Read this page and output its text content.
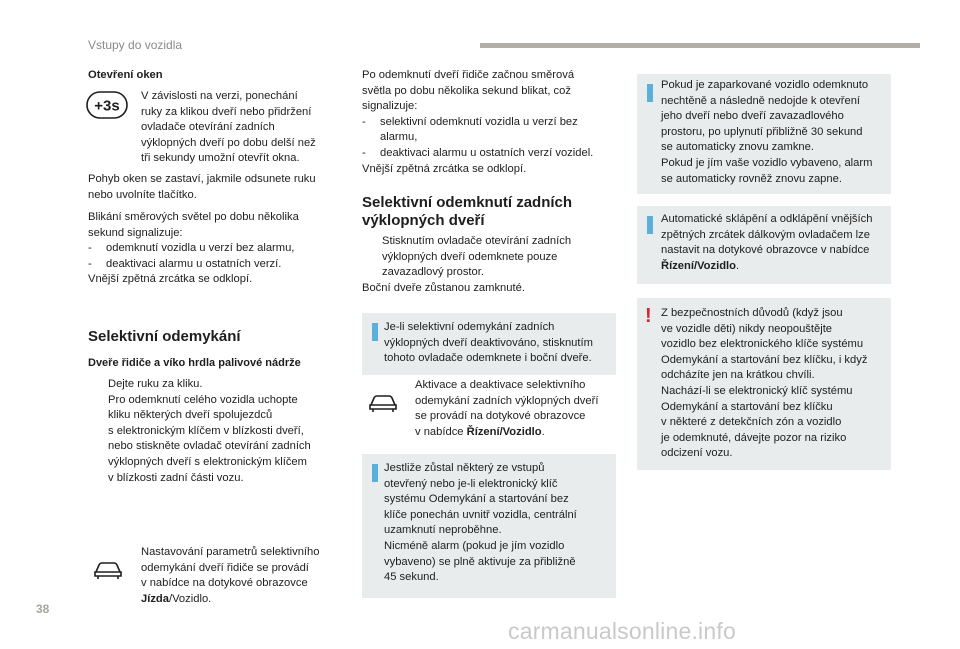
Vstupy do vozidla
Otevření oken
+3s
V závislosti na verzi, ponechání
ruky za klikou dveří nebo přidržení
ovladače otevírání zadních
výklopných dveří po dobu delší než
tři sekundy umožní otevřít okna.
Pohyb oken se zastaví, jakmile odsunete ruku
nebo uvolníte tlačítko.
Blikání směrových světel po dobu několika
sekund signalizuje:
-	odemknutí vozidla u verzí bez alarmu,
-	deaktivaci alarmu u ostatních verzí.
Vnější zpětná zrcátka se odklopí.
Selektivní odemykání
Dveře řidiče a víko hrdla palivové nádrže
Dejte ruku za kliku.
Pro odemknutí celého vozidla uchopte
kliku některých dveří spolujezdců
s elektronickým klíčem v blízkosti dveří,
nebo stiskněte ovladač otevírání zadních
výklopných dveří s elektronickým klíčem
v blízkosti zadní části vozu.
Nastavování parametrů selektivního
odemykání dveří řidiče se provádí
v nabídce na dotykové obrazovce
Jízda/Vozidlo.
Po odemknutí dveří řidiče začnou směrová
světla po dobu několika sekund blikat, což
signalizuje:
-	selektivní odemknutí vozidla u verzí bez
alarmu,
-	deaktivaci alarmu u ostatních verzí vozidel.
Vnější zpětná zrcátka se odklopí.
Selektivní odemknutí zadních
výklopných dveří
Stisknutím ovladače otevírání zadních
výklopných dveří odemknete pouze
zavazadlový prostor.
Boční dveře zůstanou zamknuté.
Je-li selektivní odemykání zadních
výklopných dveří deaktivováno, stisknutím
tohoto ovladače odemknete i boční dveře.
Aktivace a deaktivace selektivního
odemykání zadních výklopných dveří
se provádí na dotykové obrazovce
v nabídce Řízení/Vozidlo.
Jestliže zůstal některý ze vstupů
otevřený nebo je-li elektronický klíč
systému Odemykání a startování bez
klíče ponechán uvnitř vozidla, centrální
uzamknutí neproběhne.
Nicméně alarm (pokud je jím vozidlo
vybaveno) se plně aktivuje za přibližně
45 sekund.
Pokud je zaparkované vozidlo odemknuto
nechtěně a následně nedojde k otevření
jeho dveří nebo dveří zavazadlového
prostoru, po uplynutí přibližně 30 sekund
se automaticky znovu zamkne.
Pokud je jím vaše vozidlo vybaveno, alarm
se automaticky rovněž znovu zapne.
Automatické sklápění a odklápění vnějších
zpětných zrcátek dálkovým ovladačem lze
nastavit na dotykové obrazovce v nabídce
Řízení/Vozidlo.
! Z bezpečnostních důvodů (když jsou
ve vozidle děti) nikdy neopouštějte
vozidlo bez elektronického klíče systému
Odemykání a startování bez klíčku, i když
odcházíte jen na krátkou chvíli.
Nachází-li se elektronický klíč systému
Odemykání a startování bez klíčku
v některé z detekčních zón a vozidlo
je odemknuté, dávejte pozor na riziko
odcizení vozu.
38
carmanualsonline.info
